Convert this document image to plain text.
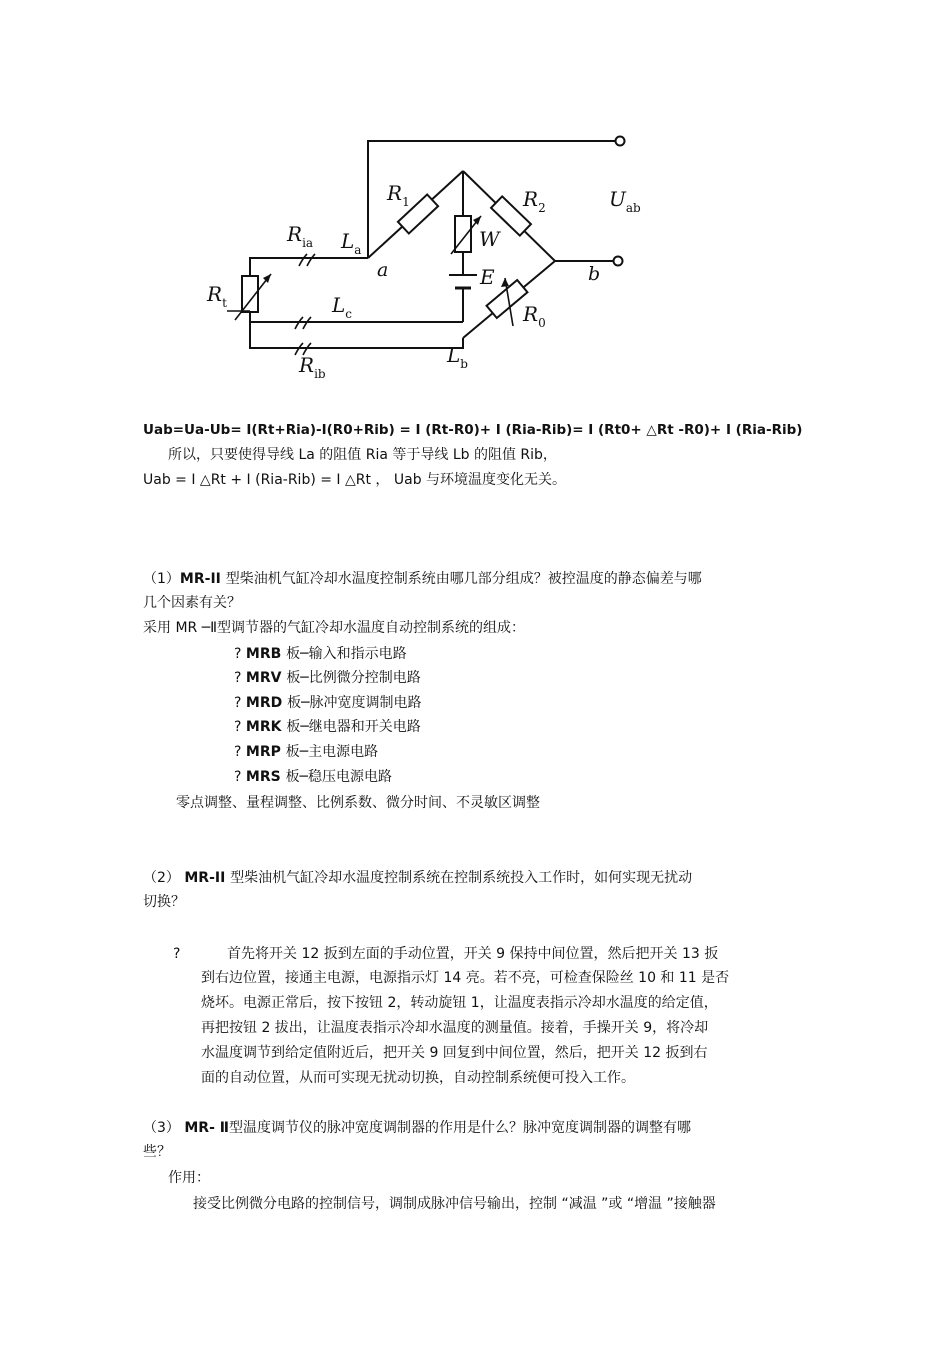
$R_1$	$R_2$	$U_{ab}$
$R_{ia}$ $L_a$	W
a	E	b
$R_t$	$L_c$	$R_0$
$L_b$
$R_{ib}$
Uab=Ua-Ub= I(Rt+Ria)-I(R0+Rib) = I (Rt-R0)+ I (Ria-Rib)= I (Rt0+ △Rt -R0)+ I (Ria-Rib)
所以，只要使得导线 La 的阻值 Ria 等于导线 Lb 的阻值 Rib，
Uab = I △Rt + I (Ria-Rib) = I △Rt ， Uab 与环境温度变化无关。
（1）MR-II 型柴油机气缸冷却水温度控制系统由哪几部分组成？被控温度的静态偏差与哪
几个因素有关？
采用 MR ─Ⅱ型调节器的气缸冷却水温度自动控制系统的组成：
? MRB 板─输入和指示电路
? MRV 板─比例微分控制电路
? MRD 板─脉冲宽度调制电路
? MRK 板─继电器和开关电路
? MRP 板─主电源电路
? MRS 板─稳压电源电路
零点调整、量程调整、比例系数、微分时间、不灵敏区调整
（2） MR-II 型柴油机气缸冷却水温度控制系统在控制系统投入工作时，如何实现无扰动
切换？
?	首先将开关 12 扳到左面的手动位置，开关 9 保持中间位置，然后把开关 13 扳
到右边位置，接通主电源，电源指示灯 14 亮。若不亮，可检查保险丝 10 和 11 是否
烧坏。电源正常后，按下按钮 2，转动旋钮 1，让温度表指示冷却水温度的给定值，
再把按钮 2 拔出，让温度表指示冷却水温度的测量值。接着，手操开关 9，将冷却
水温度调节到给定值附近后，把开关 9 回复到中间位置，然后，把开关 12 扳到右
面的自动位置，从而可实现无扰动切换，自动控制系统便可投入工作。
（3） MR- Ⅱ型温度调节仪的脉冲宽度调制器的作用是什么？脉冲宽度调制器的调整有哪
些？
作用：
接受比例微分电路的控制信号，调制成脉冲信号输出，控制 “减温 ”或 “增温 ”接触器
